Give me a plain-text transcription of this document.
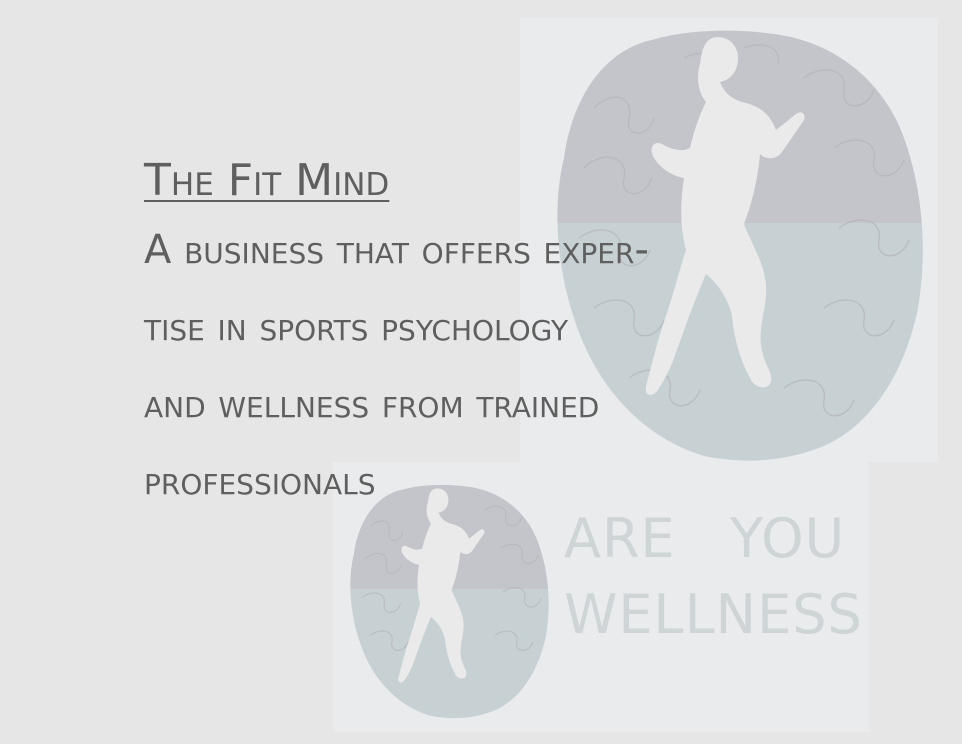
ARE   YOU
WELLNESS
The Fit Mind
A business that offers exper-
tise in sports psychology
and wellness from trained
professionals
